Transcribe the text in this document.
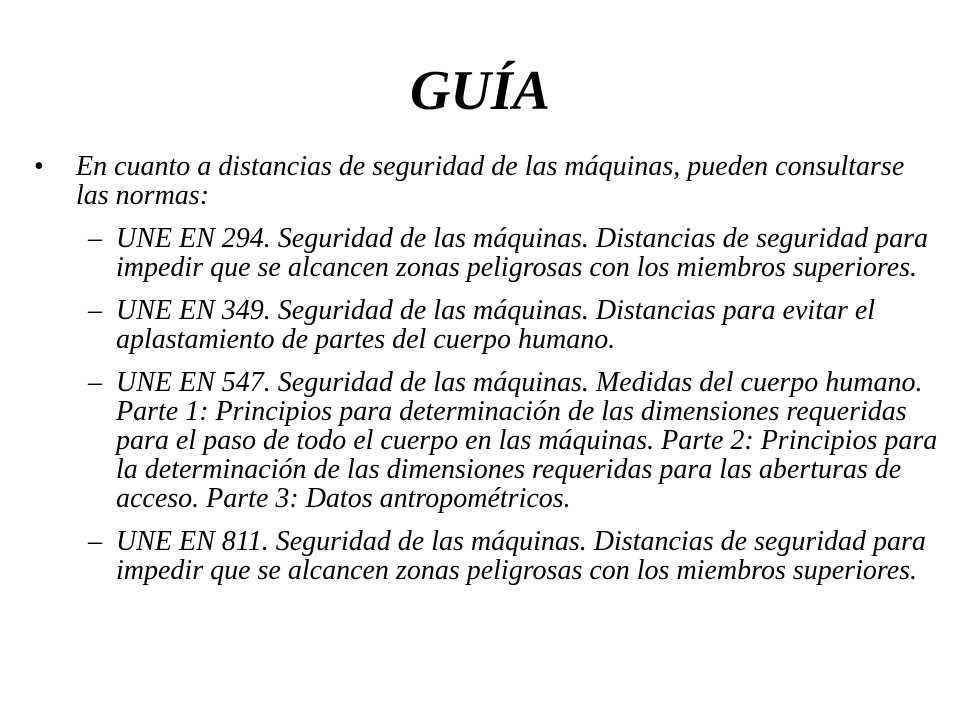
GUÍA
• En cuanto a distancias de seguridad de las máquinas, pueden consultarse las normas:
– UNE EN 294. Seguridad de las máquinas. Distancias de seguridad para impedir que se alcancen zonas peligrosas con los miembros superiores.
– UNE EN 349. Seguridad de las máquinas. Distancias para evitar el aplastamiento de partes del cuerpo humano.
– UNE EN 547. Seguridad de las máquinas. Medidas del cuerpo humano. Parte 1: Principios para determinación de las dimensiones requeridas para el paso de todo el cuerpo en las máquinas. Parte 2: Principios para la determinación de las dimensiones requeridas para las aberturas de acceso. Parte 3: Datos antropométricos.
– UNE EN 811. Seguridad de las máquinas. Distancias de seguridad para impedir que se alcancen zonas peligrosas con los miembros superiores.
